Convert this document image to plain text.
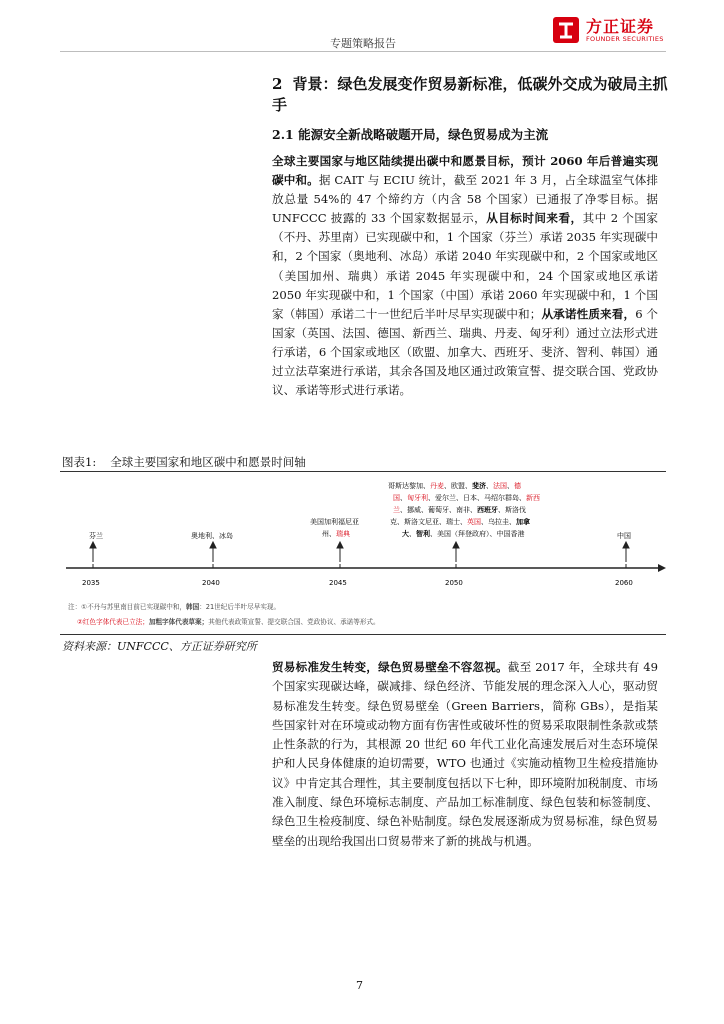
专题策略报告
方正证券
FOUNDER SECURITIES
2 背景：绿色发展变作贸易新标准，低碳外交成为破局主抓手
2.1 能源安全新战略破题开局，绿色贸易成为主流
全球主要国家与地区陆续提出碳中和愿景目标，预计 2060 年后普遍实现碳中和。据 CAIT 与 ECIU 统计，截至 2021 年 3 月，占全球温室气体排放总量 54%的 47 个缔约方（内含 58 个国家）已通报了净零目标。据 UNFCCC 披露的 33 个国家数据显示，从目标时间来看，其中 2 个国家（不丹、苏里南）已实现碳中和，1 个国家（芬兰）承诺 2035 年实现碳中和，2 个国家（奥地利、冰岛）承诺 2040 年实现碳中和，2 个国家或地区（美国加州、瑞典）承诺 2045 年实现碳中和，24 个国家或地区承诺 2050 年实现碳中和，1 个国家（中国）承诺 2060 年实现碳中和，1 个国家（韩国）承诺二十一世纪后半叶尽早实现碳中和；从承诺性质来看，6 个国家（英国、法国、德国、新西兰、瑞典、丹麦、匈牙利）通过立法形式进行承诺，6 个国家或地区（欧盟、加拿大、西班牙、斐济、智利、韩国）通过立法草案进行承诺，其余各国及地区通过政策宣誓、提交联合国、党政协议、承诺等形式进行承诺。
图表1: 全球主要国家和地区碳中和愿景时间轴
哥斯达黎加、丹麦、欧盟、斐济、法国、德
国、匈牙利、爱尔兰、日本、马绍尔群岛、新西
兰、挪威、葡萄牙、南非、西班牙、斯洛伐
克、斯洛文尼亚、瑞士、英国、乌拉圭、加拿
大、智利、美国（拜登政府）、中国香港
美国加利福尼亚
州、瑞典
芬兰	奥地利、冰岛	中国
2035	2040	2045	2050	2060
注：①不丹与苏里南目前已实现碳中和，韩国：21世纪后半叶尽早实现。
②红色字体代表已立法；加粗字体代表草案；其他代表政策宣誓、提交联合国、党政协议、承诺等形式。
资料来源：UNFCCC、方正证券研究所
贸易标准发生转变，绿色贸易壁垒不容忽视。截至 2017 年，全球共有 49 个国家实现碳达峰，碳减排、绿色经济、节能发展的理念深入人心，驱动贸易标准发生转变。绿色贸易壁垒（Green Barriers，简称 GBs），是指某些国家针对在环境或动物方面有伤害性或破坏性的贸易采取限制性条款或禁止性条款的行为，其根源 20 世纪 60 年代工业化高速发展后对生态环境保护和人民身体健康的迫切需要，WTO 也通过《实施动植物卫生检疫措施协议》中肯定其合理性，其主要制度包括以下七种，即环境附加税制度、市场准入制度、绿色环境标志制度、产品加工标准制度、绿色包装和标签制度、绿色卫生检疫制度、绿色补贴制度。绿色发展逐渐成为贸易标准，绿色贸易壁垒的出现给我国出口贸易带来了新的挑战与机遇。
7
